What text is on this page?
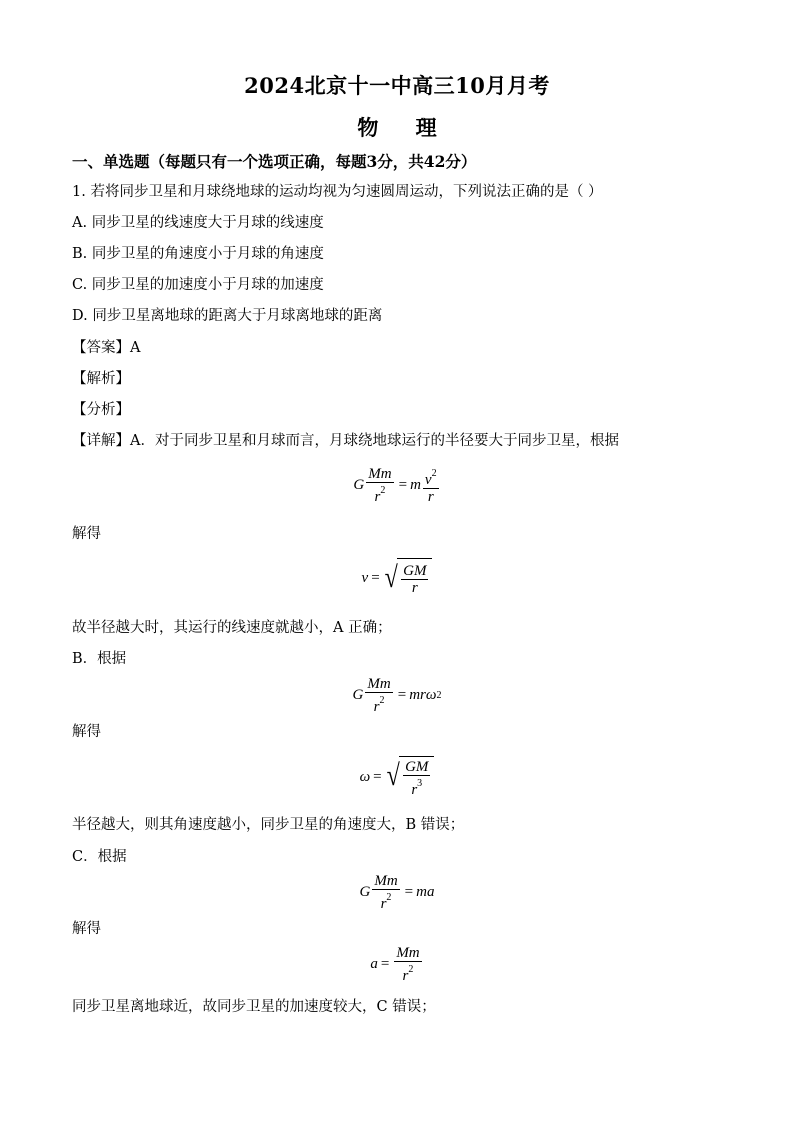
2024北京十一中高三10月月考
物 理
一、单选题（每题只有一个选项正确，每题3分，共42分）
1. 若将同步卫星和月球绕地球的运动均视为匀速圆周运动，下列说法正确的是（ ）
A. 同步卫星的线速度大于月球的线速度
B. 同步卫星的角速度小于月球的角速度
C. 同步卫星的加速度小于月球的加速度
D. 同步卫星离地球的距离大于月球离地球的距离
【答案】A
【解析】
【分析】
【详解】A．对于同步卫星和月球而言，月球绕地球运行的半径要大于同步卫星，根据
G $\frac{Mm}{r^2} = m \frac{v^2}{r}$
解得
v = √ $\frac{GM}{r}$
故半径越大时，其运行的线速度就越小，A 正确；
B．根据
G $\frac{Mm}{r^2}$ = mr ω 2
解得
ω = √ $\frac{GM}{r^3}$
半径越大，则其角速度越小，同步卫星的角速度大，B 错误；
C．根据
G $\frac{Mm}{r^2}$ = ma
解得
$a = \frac{Mm}{r^2}$
同步卫星离地球近，故同步卫星的加速度较大，C 错误；
